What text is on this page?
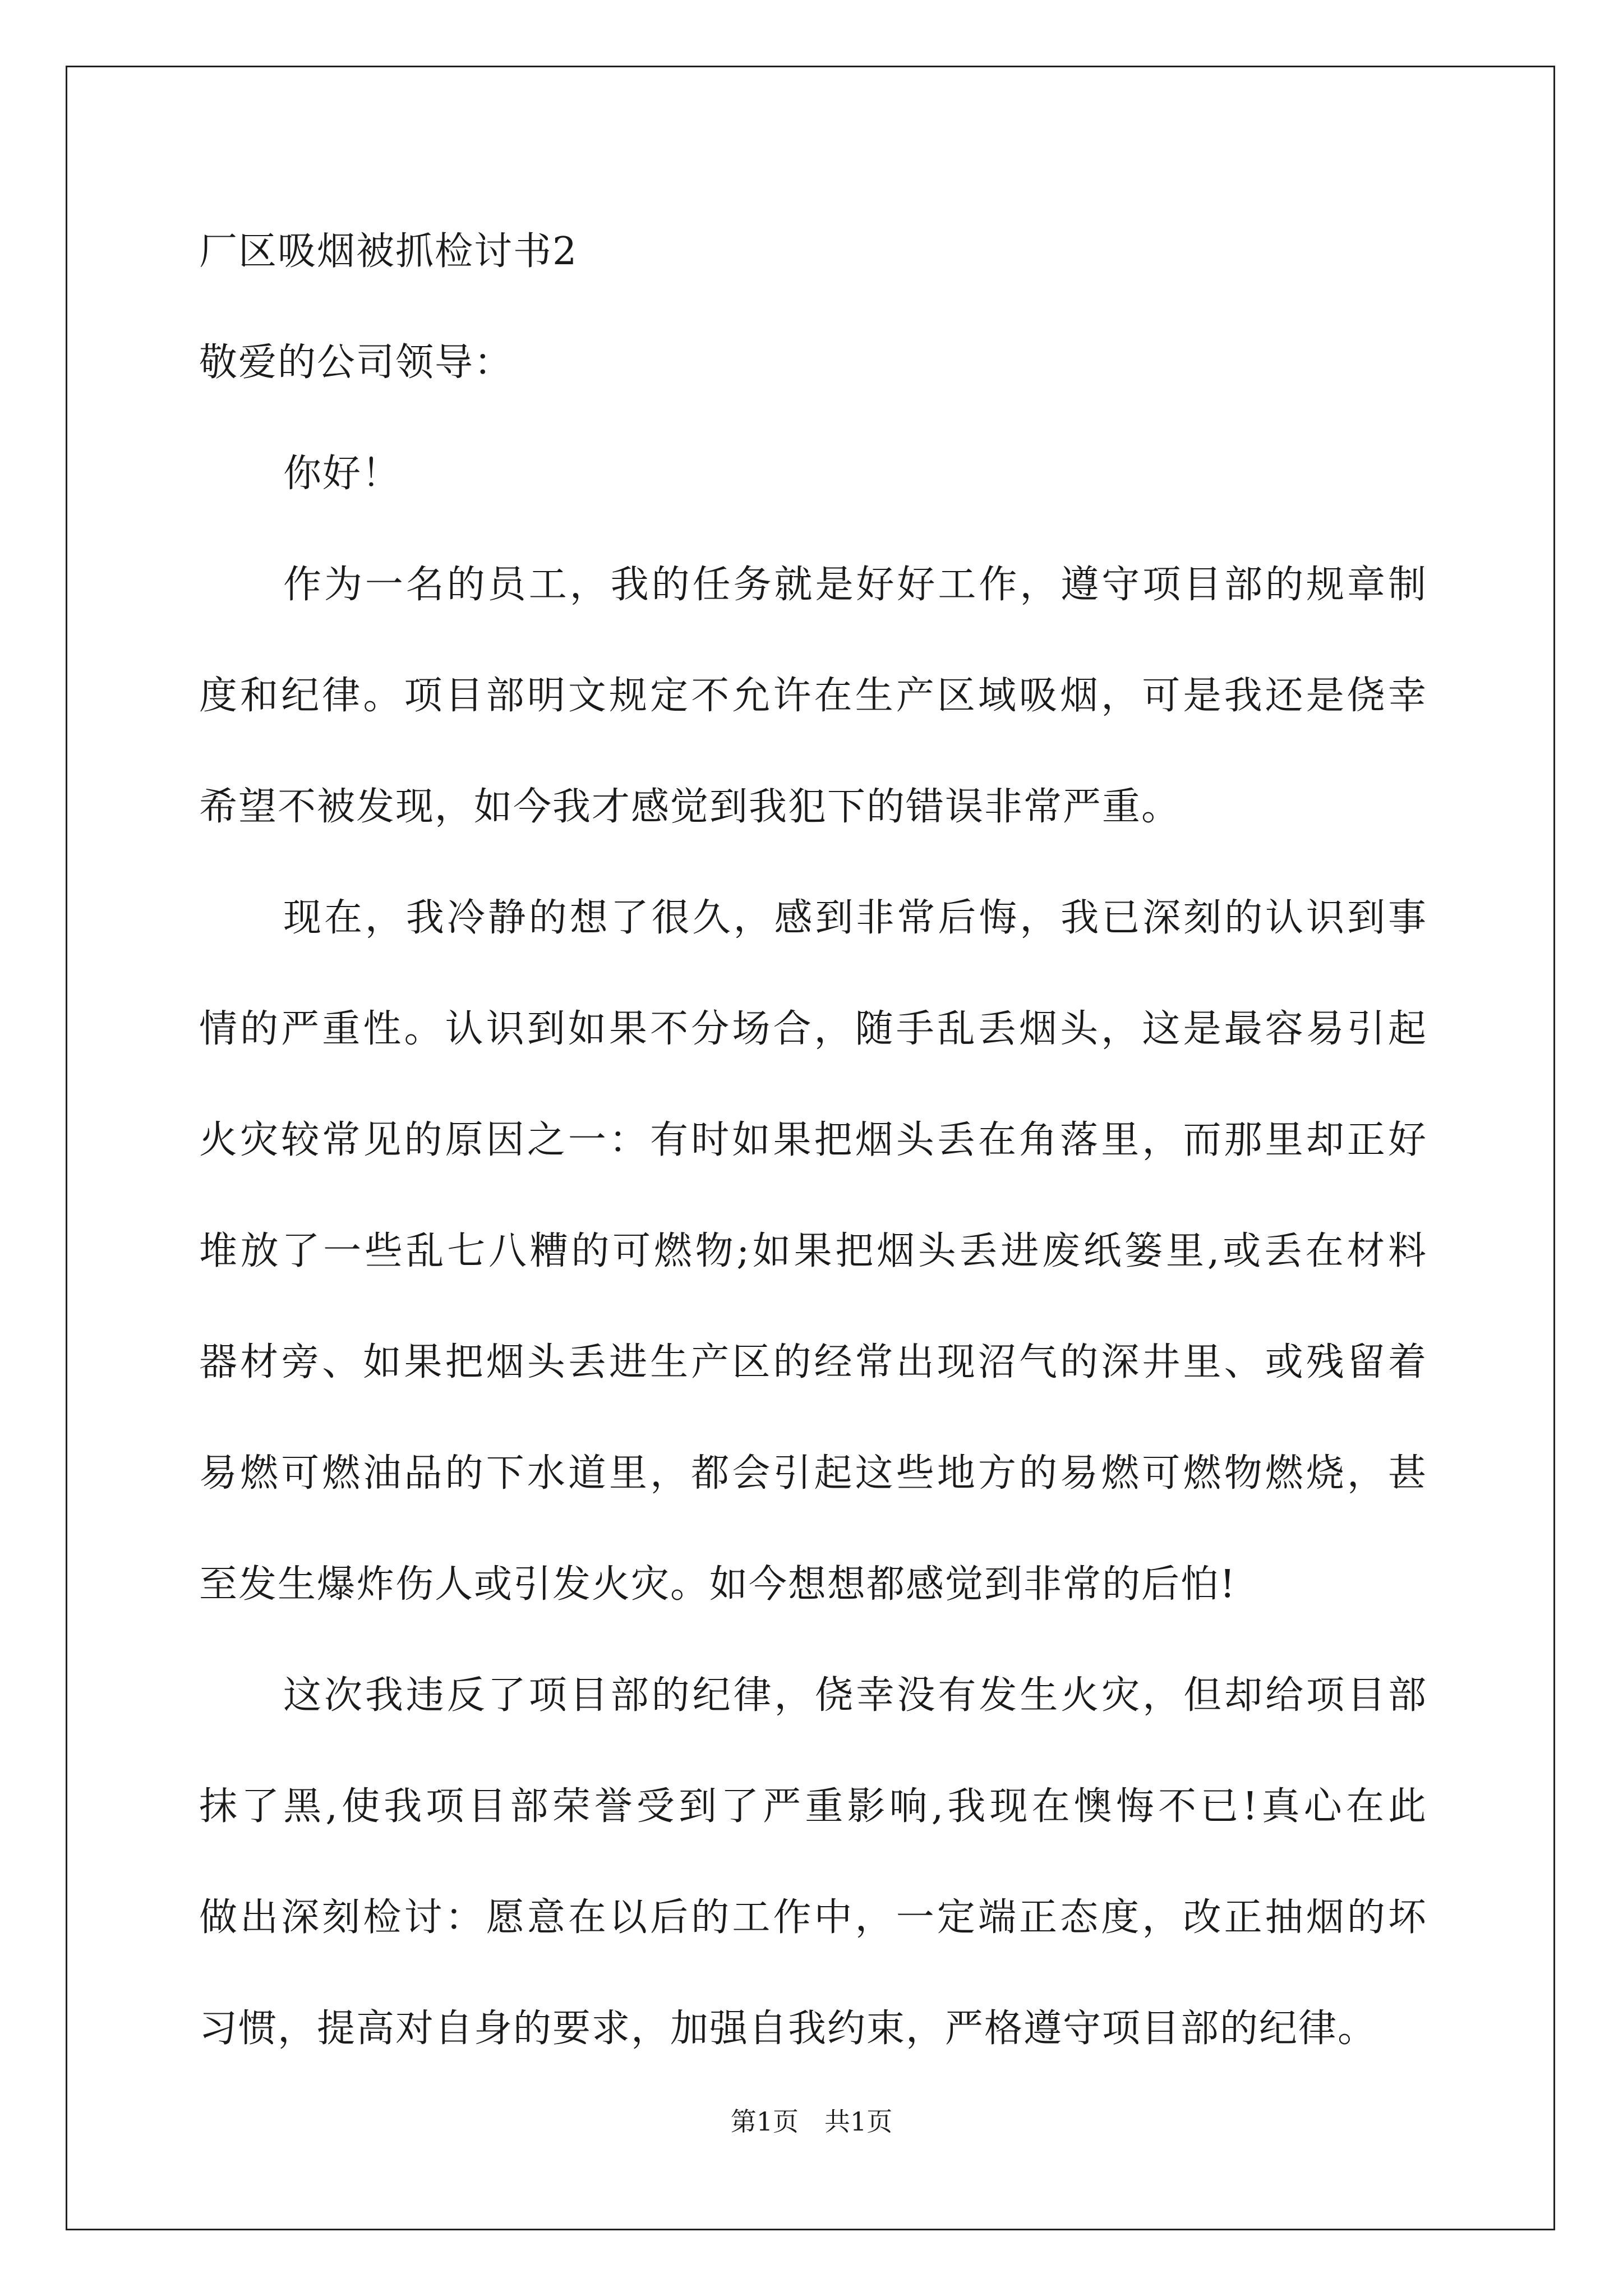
厂区吸烟被抓检讨书2
敬爱的公司领导：
你好！
作为一名的员工，我的任务就是好好工作，遵守项目部的规章制
度和纪律。项目部明文规定不允许在生产区域吸烟，可是我还是侥幸
希望不被发现，如今我才感觉到我犯下的错误非常严重。
现在，我冷静的想了很久，感到非常后悔，我已深刻的认识到事
情的严重性。认识到如果不分场合，随手乱丢烟头，这是最容易引起
火灾较常见的原因之一：有时如果把烟头丢在角落里，而那里却正好
堆放了一些乱七八糟的可燃物;如果把烟头丢进废纸篓里,或丢在材料
器材旁、如果把烟头丢进生产区的经常出现沼气的深井里、或残留着
易燃可燃油品的下水道里，都会引起这些地方的易燃可燃物燃烧，甚
至发生爆炸伤人或引发火灾。如今想想都感觉到非常的后怕!
这次我违反了项目部的纪律，侥幸没有发生火灾，但却给项目部
抹了黑,使我项目部荣誉受到了严重影响,我现在懊悔不已!真心在此
做出深刻检讨：愿意在以后的工作中，一定端正态度，改正抽烟的坏
习惯，提高对自身的要求，加强自我约束，严格遵守项目部的纪律。
第1页　共1页
